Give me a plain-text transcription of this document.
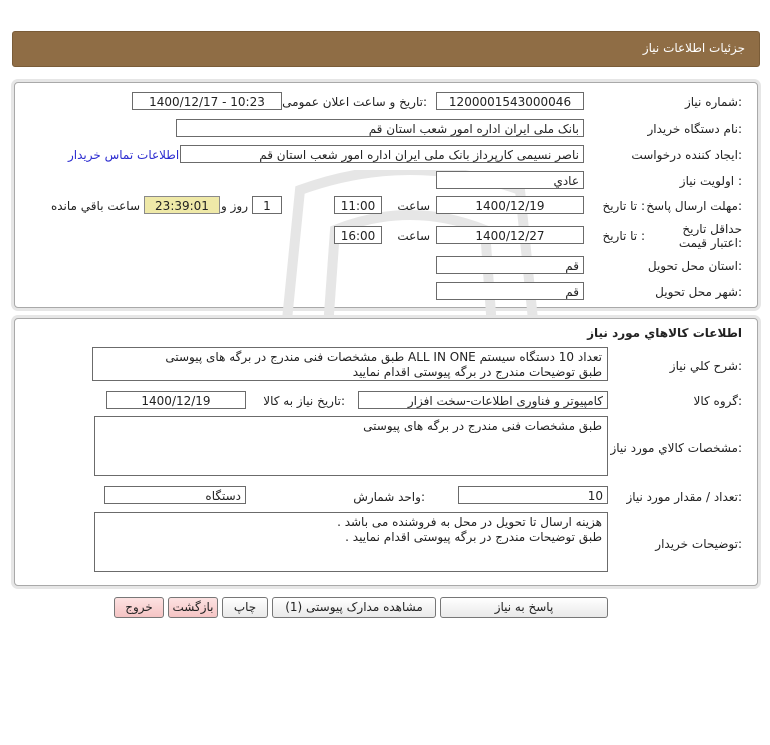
جزئیات اطلاعات نیاز
شماره نیاز:
1200001543000046
تاریخ و ساعت اعلان عمومی:
1400/12/17 - 10:23
نام دستگاه خریدار:
بانک ملی ایران اداره امور شعب استان قم
ایجاد کننده درخواست:
ناصر نسیمی کارپرداز بانک ملی ایران اداره امور شعب استان قم
اطلاعات تماس خریدار
اولویت نیاز :
عادي
مهلت ارسال پاسخ:
تا تاریخ :
1400/12/19
ساعت
11:00
1
روز و
23:39:01
ساعت باقي مانده
حداقل تاریخ اعتبار قیمت:
تا تاریخ :
1400/12/27
ساعت
16:00
استان محل تحویل:
قم
شهر محل تحویل:
قم
اطلاعات کالاهاي مورد نياز
شرح کلي نياز:
تعداد 10 دستگاه سیستم ALL IN ONE طبق مشخصات فنی مندرج در برگه های پیوستی
طبق توضیحات مندرج در برگه پیوستی اقدام نمایید
گروه کالا:
کامپیوتر و فناوری اطلاعات-سخت افزار
تاریخ نیاز به کالا:
1400/12/19
مشخصات کالاي مورد نياز:
طبق مشخصات فنی مندرج در برگه های پیوستی
تعداد / مقدار مورد نیاز:
10
واحد شمارش:
دستگاه
توضیحات خریدار:
هزینه ارسال تا تحویل در محل به فروشنده می باشد .
طبق توضیحات مندرج در برگه پیوستی اقدام نمایید .
پاسخ به نیاز
مشاهده مدارک پیوستی (1)
چاپ
بازگشت
خروج
